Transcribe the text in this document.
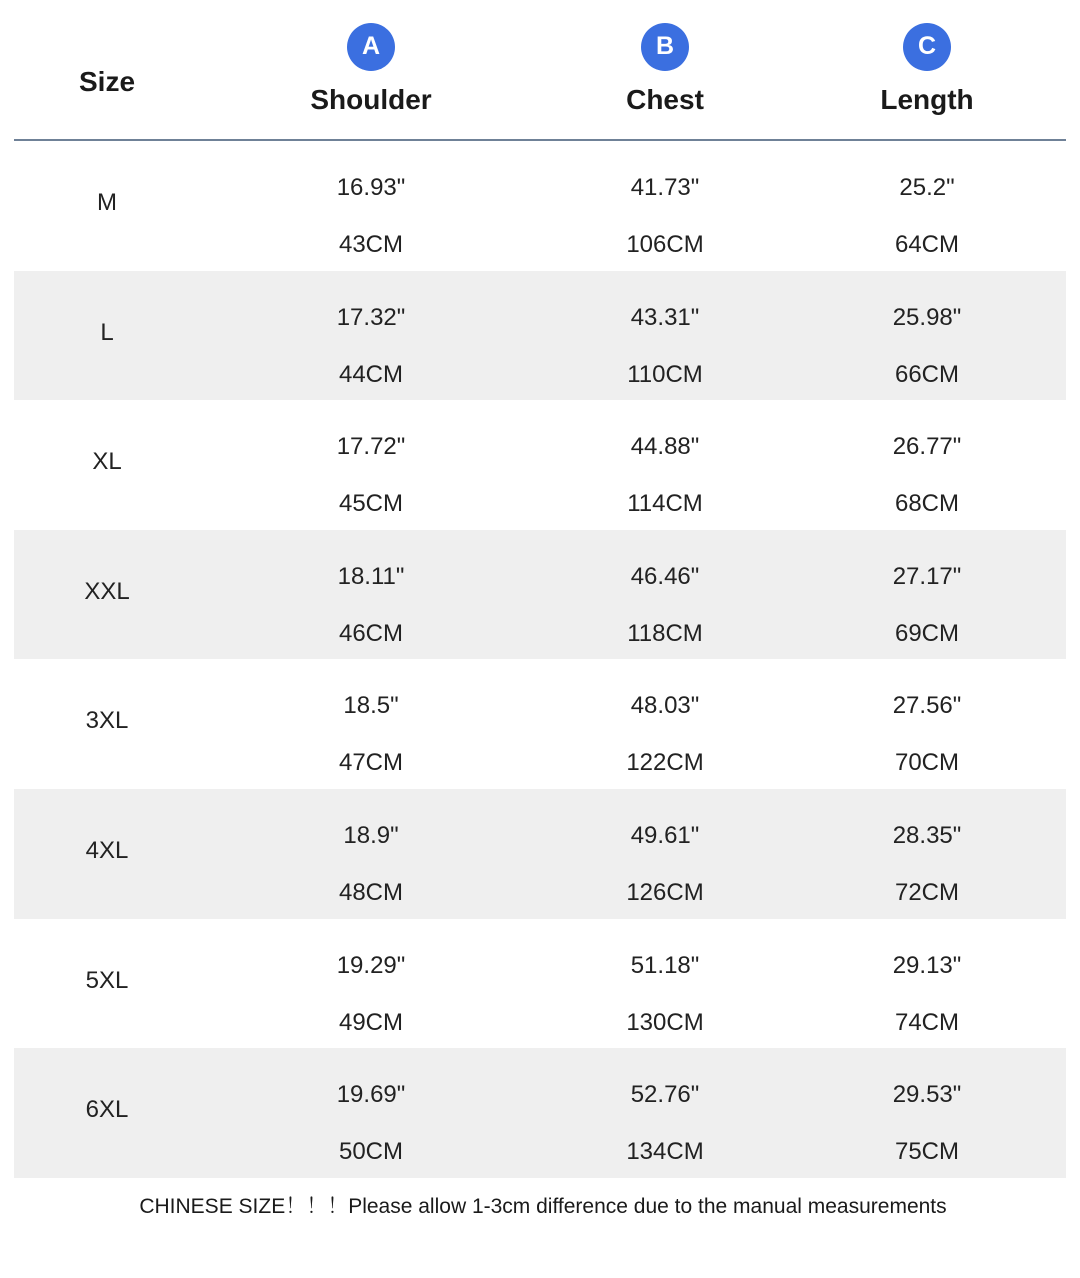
Size
A
Shoulder
B
Chest
C
Length
M
16.93"
43CM
41.73"
106CM
25.2"
64CM
L
17.32"
44CM
43.31"
110CM
25.98"
66CM
XL
17.72"
45CM
44.88"
114CM
26.77"
68CM
XXL
18.11"
46CM
46.46"
118CM
27.17"
69CM
3XL
18.5"
47CM
48.03"
122CM
27.56"
70CM
4XL
18.9"
48CM
49.61"
126CM
28.35"
72CM
5XL
19.29"
49CM
51.18"
130CM
29.13"
74CM
6XL
19.69"
50CM
52.76"
134CM
29.53"
75CM
CHINESE SIZE！！！Please allow 1-3cm difference due to the manual measurements
